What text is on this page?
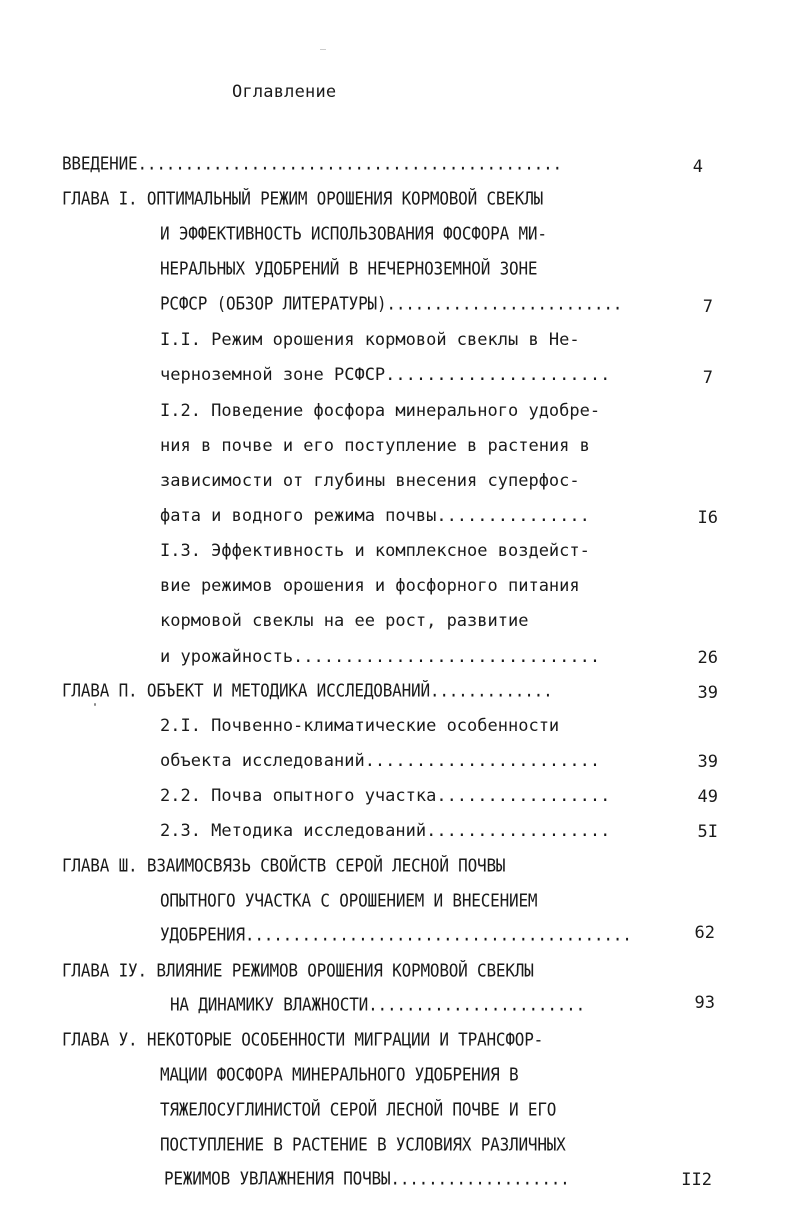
Оглавление
ВВЕДЕНИЕ.............................................	4
ГЛАВА I. ОПТИМАЛЬНЫЙ РЕЖИМ ОРОШЕНИЯ КОРМОВОЙ СВЕКЛЫ
И ЭФФЕКТИВНОСТЬ ИСПОЛЬЗОВАНИЯ ФОСФОРА МИ-
НЕРАЛЬНЫХ УДОБРЕНИЙ В НЕЧЕРНОЗЕМНОЙ ЗОНЕ
РСФСР (ОБЗОР ЛИТЕРАТУРЫ).........................	7
I.I. Режим орошения кормовой свеклы в Не-
черноземной зоне РСФСР......................	7
I.2. Поведение фосфора минерального удобре-
ния в почве и его поступление в растения в
зависимости от глубины внесения суперфос-
фата и водного режима почвы...............	I6
I.3. Эффективность и комплексное воздейст-
вие режимов орошения и фосфорного питания
кормовой свеклы на ее рост, развитие
и урожайность..............................	26
ГЛАВА П. ОБЪЕКТ И МЕТОДИКА ИССЛЕДОВАНИЙ.............	39
2.I. Почвенно-климатические особенности
объекта исследований.......................	39
2.2. Почва опытного участка.................	49
2.3. Методика исследований..................	5I
ГЛАВА Ш. ВЗАИМОСВЯЗЬ СВОЙСТВ СЕРОЙ ЛЕСНОЙ ПОЧВЫ
ОПЫТНОГО УЧАСТКА С ОРОШЕНИЕМ И ВНЕСЕНИЕМ
УДОБРЕНИЯ.........................................	62
ГЛАВА IУ. ВЛИЯНИЕ РЕЖИМОВ ОРОШЕНИЯ КОРМОВОЙ СВЕКЛЫ
НА ДИНАМИКУ ВЛАЖНОСТИ.......................	93
ГЛАВА У. НЕКОТОРЫЕ ОСОБЕННОСТИ МИГРАЦИИ И ТРАНСФОР-
МАЦИИ ФОСФОРА МИНЕРАЛЬНОГО УДОБРЕНИЯ В
ТЯЖЕЛОСУГЛИНИСТОЙ СЕРОЙ ЛЕСНОЙ ПОЧВЕ И ЕГО
ПОСТУПЛЕНИЕ В РАСТЕНИЕ В УСЛОВИЯХ РАЗЛИЧНЫХ
РЕЖИМОВ УВЛАЖНЕНИЯ ПОЧВЫ...................	II2
